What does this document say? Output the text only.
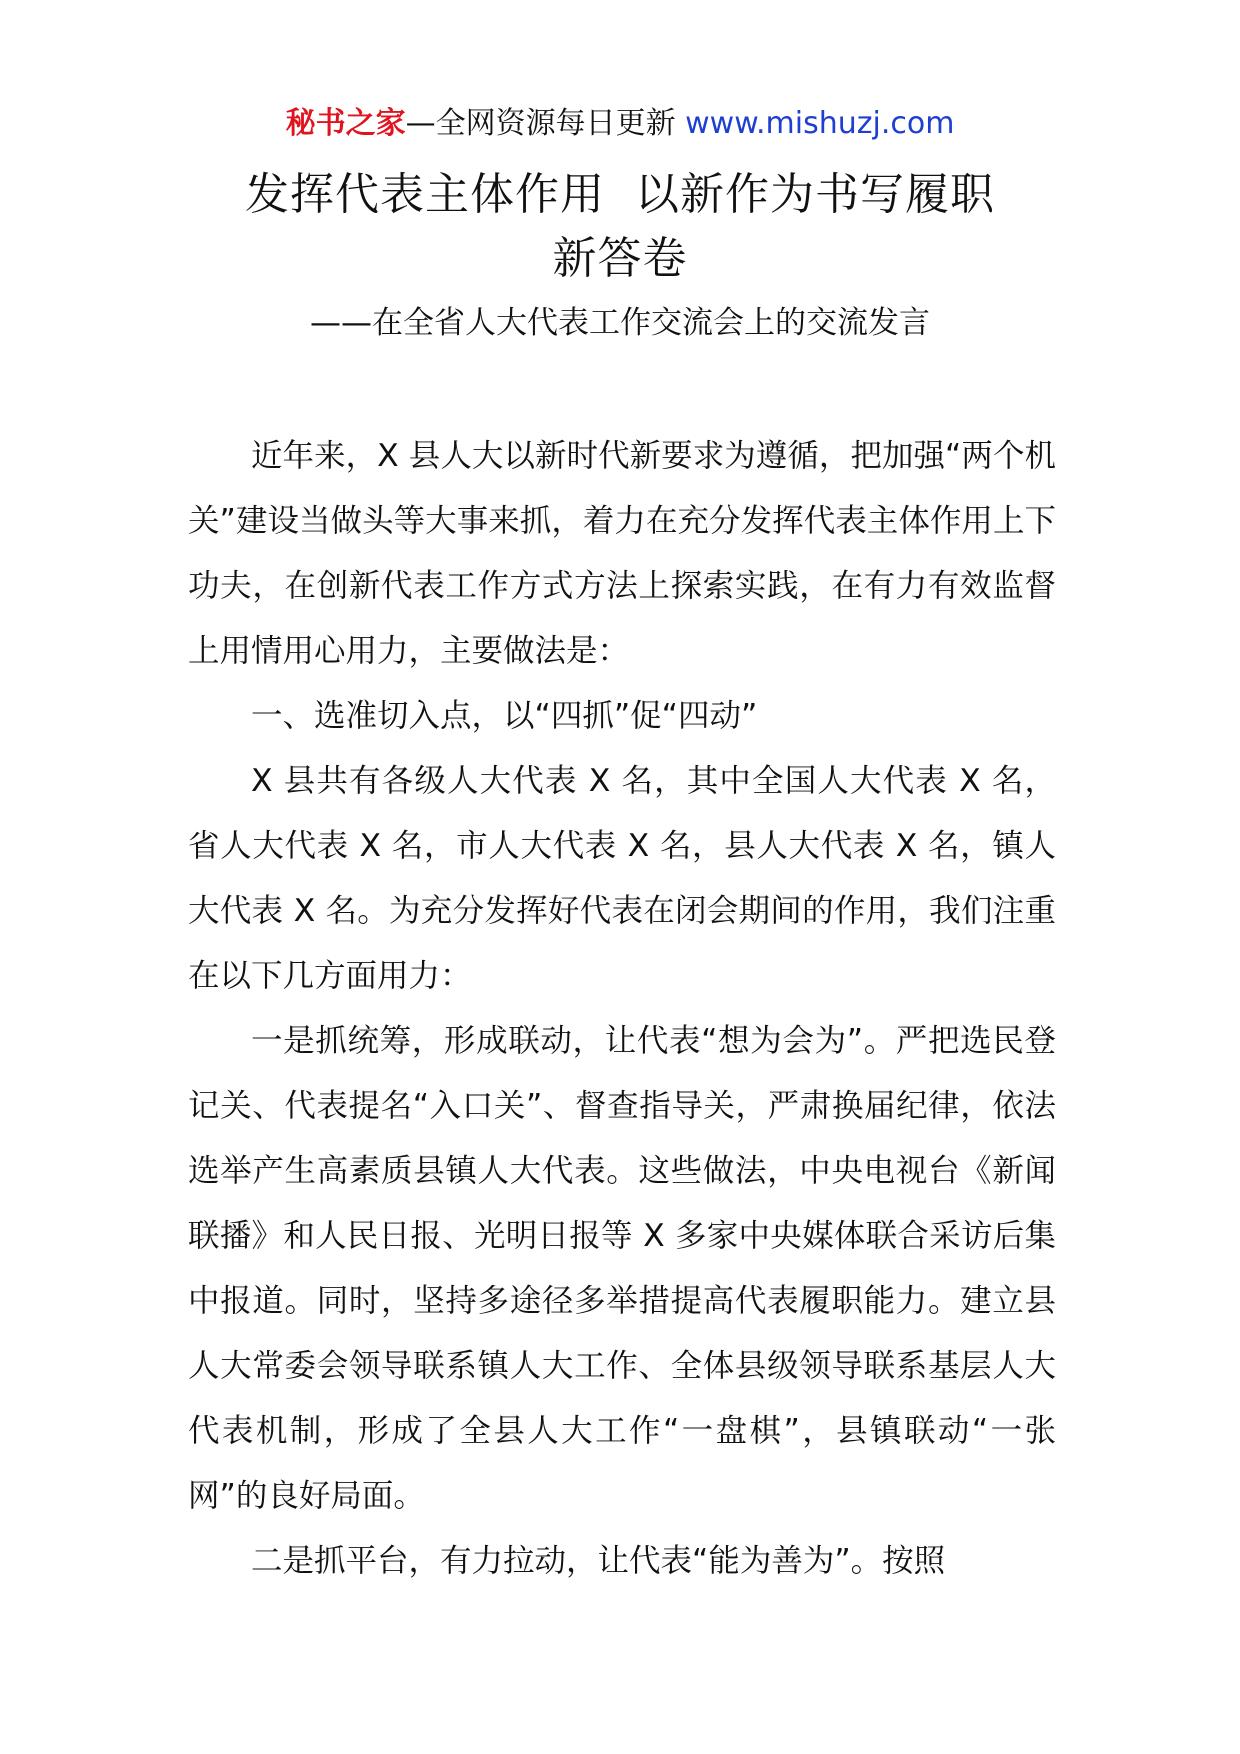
秘书之家—全网资源每日更新 www.mishuzj.com
发挥代表主体作用  以新作为书写履职
新答卷
——在全省人大代表工作交流会上的交流发言

近年来，X 县人大以新时代新要求为遵循，把加强“两个机关”建设当做头等大事来抓，着力在充分发挥代表主体作用上下功夫，在创新代表工作方式方法上探索实践，在有力有效监督上用情用心用力，主要做法是：

一、选准切入点，以“四抓”促“四动”

X 县共有各级人大代表 X 名，其中全国人大代表 X 名，省人大代表 X 名，市人大代表 X 名，县人大代表 X 名，镇人大代表 X 名。为充分发挥好代表在闭会期间的作用，我们注重在以下几方面用力：

一是抓统筹，形成联动，让代表“想为会为”。严把选民登记关、代表提名“入口关”、督查指导关，严肃换届纪律，依法选举产生高素质县镇人大代表。这些做法，中央电视台《新闻联播》和人民日报、光明日报等 X 多家中央媒体联合采访后集中报道。同时，坚持多途径多举措提高代表履职能力。建立县人大常委会领导联系镇人大工作、全体县级领导联系基层人大代表机制，形成了全县人大工作“一盘棋”，县镇联动“一张网”的良好局面。

二是抓平台，有力拉动，让代表“能为善为”。按照
